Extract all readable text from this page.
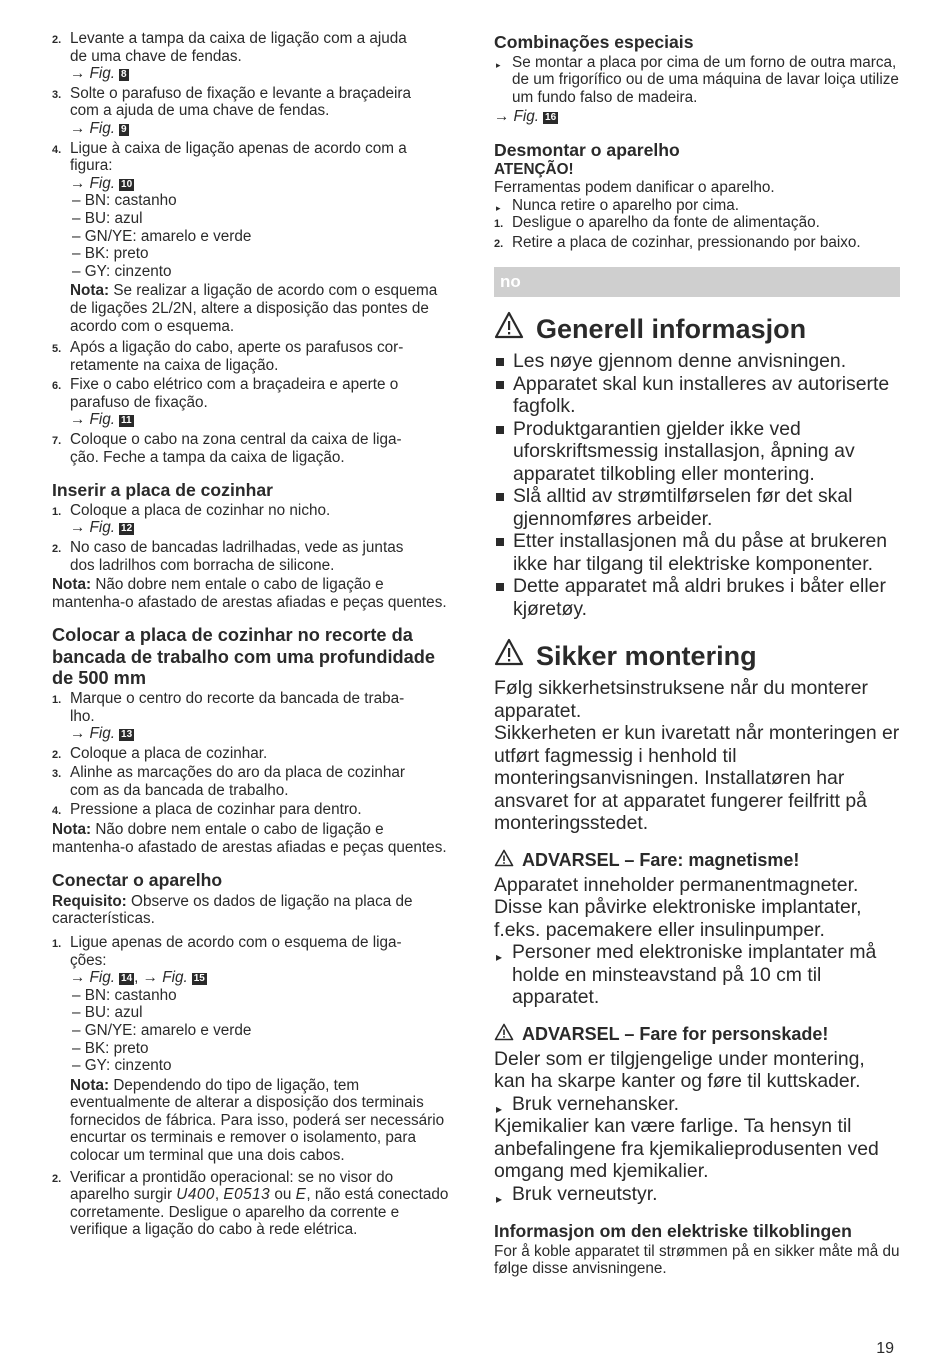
2. Levante a tampa da caixa de ligação com a ajuda
de uma chave de fendas.
→ Fig. 8
3. Solte o parafuso de fixação e levante a braçadeira
com a ajuda de uma chave de fendas.
→ Fig. 9
4. Ligue à caixa de ligação apenas de acordo com a
figura:
→ Fig. 10
– BN: castanho
– BU: azul
– GN/YE: amarelo e verde
– BK: preto
– GY: cinzento

Nota: Se realizar a ligação de acordo com o esquema de ligações 2L/2N, altere a disposição das pontes de acordo com o esquema.

5. Após a ligação do cabo, aperte os parafusos cor-
retamente na caixa de ligação.
6. Fixe o cabo elétrico com a braçadeira e aperte o
parafuso de fixação.
→ Fig. 11
7. Coloque o cabo na zona central da caixa de liga-
ção. Feche a tampa da caixa de ligação.
Inserir a placa de cozinhar
1. Coloque a placa de cozinhar no nicho.
→ Fig. 12
2. No caso de bancadas ladrilhadas, vede as juntas
dos ladrilhos com borracha de silicone.

Nota: Não dobre nem entale o cabo de ligação e mantenha-o afastado de arestas afiadas e peças quentes.

Colocar a placa de cozinhar no recorte da bancada de trabalho com uma profundidade de 500 mm
1. Marque o centro do recorte da bancada de traba-
lho.
→ Fig. 13
2. Coloque a placa de cozinhar.
3. Alinhe as marcações do aro da placa de cozinhar
com as da bancada de trabalho.
4. Pressione a placa de cozinhar para dentro.

Nota: Não dobre nem entale o cabo de ligação e mantenha-o afastado de arestas afiadas e peças quentes.

Conectar o aparelho

Requisito: Observe os dados de ligação na placa de características.

1. Ligue apenas de acordo com o esquema de liga-
ções:
→ Fig. 14 , → Fig. 15
– BN: castanho
– BU: azul
– GN/YE: amarelo e verde
– BK: preto
– GY: cinzento

Nota: Dependendo do tipo de ligação, tem eventualmente de alterar a disposição dos terminais fornecidos de fábrica. Para isso, poderá ser necessário encurtar os terminais e remover o isolamento, para colocar um terminal que una dois cabos.

2. Verificar a prontidão operacional: se no visor do aparelho surgir U400, E0513 ou E, não está conectado corretamente. Desligue o aparelho da corrente e verifique a ligação do cabo à rede elétrica.
Combinações especiais
▸ Se montar a placa por cima de um forno de outra marca, de um frigorífico ou de uma máquina de lavar loiça utilize um fundo falso de madeira.
→ Fig. 16
Desmontar o aparelho
ATENÇÃO!
Ferramentas podem danificar o aparelho.
▸ Nunca retire o aparelho por cima.
1. Desligue o aparelho da fonte de alimentação.
2. Retire a placa de cozinhar, pressionando por baixo.
no
Generell informasjon
Les nøye gjennom denne anvisningen.
Apparatet skal kun installeres av autoriserte fagfolk.
Produktgarantien gjelder ikke ved uforskriftsmessig installasjon, åpning av apparatet tilkobling eller montering.
Slå alltid av strømtilførselen før det skal gjennomføres arbeider.
Etter installasjonen må du påse at brukeren ikke har tilgang til elektriske komponenter.
Dette apparatet må aldri brukes i båter eller kjøretøy.
Sikker montering

Følg sikkerhetsinstruksene når du monterer apparatet.

Sikkerheten er kun ivaretatt når monteringen er utført fagmessig i henhold til monteringsanvisningen. Installatøren har ansvaret for at apparatet fungerer feilfritt på monteringsstedet.

ADVARSEL – Fare: magnetisme!

Apparatet inneholder permanentmagneter. Disse kan påvirke elektroniske implantater, f.eks. pacemakere eller insulinpumper.

▸ Personer med elektroniske implantater må holde en minsteavstand på 10 cm til apparatet.
ADVARSEL – Fare for personskade!

Deler som er tilgjengelige under montering, kan ha skarpe kanter og føre til kuttskader.

▸ Bruk vernehansker.

Kjemikalier kan være farlige. Ta hensyn til anbefalingene fra kjemikalieprodusenten ved omgang med kjemikalier.

▸ Bruk verneutstyr.
Informasjon om den elektriske tilkoblingen

For å koble apparatet til strømmen på en sikker måte må du følge disse anvisningene.

19
